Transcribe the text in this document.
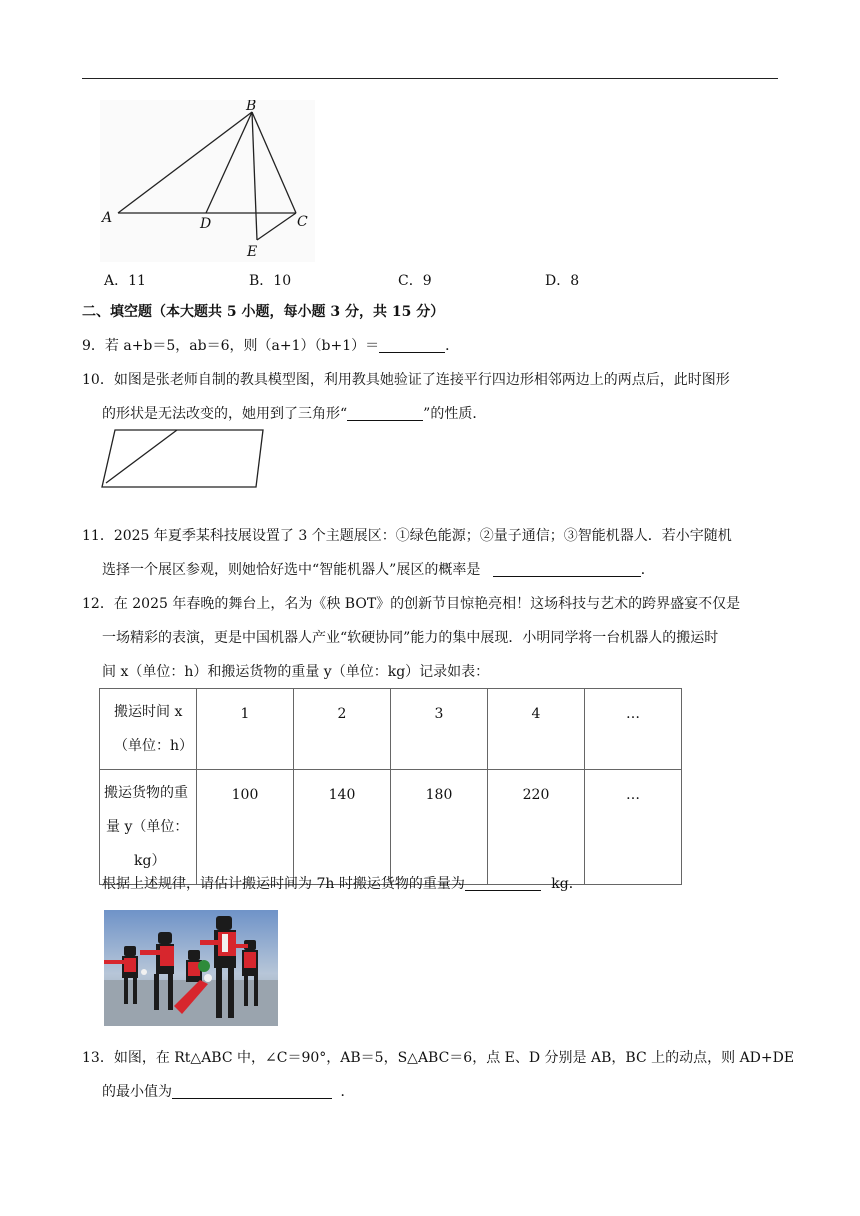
B
A	D	C
E
A．11	B．10	C．9	D．8
二、填空题（本大题共 5 小题，每小题 3 分，共 15 分）
9．若 a+b＝5，ab＝6，则（a+1）（b+1）＝	．
10．如图是张老师自制的教具模型图，利用教具她验证了连接平行四边形相邻两边上的两点后，此时图形
的形状是无法改变的，她用到了三角形“	”的性质．
11．2025 年夏季某科技展设置了 3 个主题展区：①绿色能源；②量子通信；③智能机器人．若小宇随机
选择一个展区参观，则她恰好选中“智能机器人”展区的概率是	．
12．在 2025 年春晚的舞台上，名为《秧 BOT》的创新节目惊艳亮相！这场科技与艺术的跨界盛宴不仅是
一场精彩的表演，更是中国机器人产业“软硬协同”能力的集中展现．小明同学将一台机器人的搬运时
间 x（单位：h）和搬运货物的重量 y（单位：kg）记录如表：
搬运时间 x
（单位：h）	1	2	3	4	…

搬运货物的重
量 y（单位：
kg）	100	140	180	220	…
根据上述规律，请估计搬运时间为 7h 时搬运货物的重量为	kg．
13．如图，在 Rt△ABC 中，∠C＝90°，AB＝5，S△ABC＝6，点 E、D 分别是 AB，BC 上的动点，则 AD+DE
的最小值为	．
